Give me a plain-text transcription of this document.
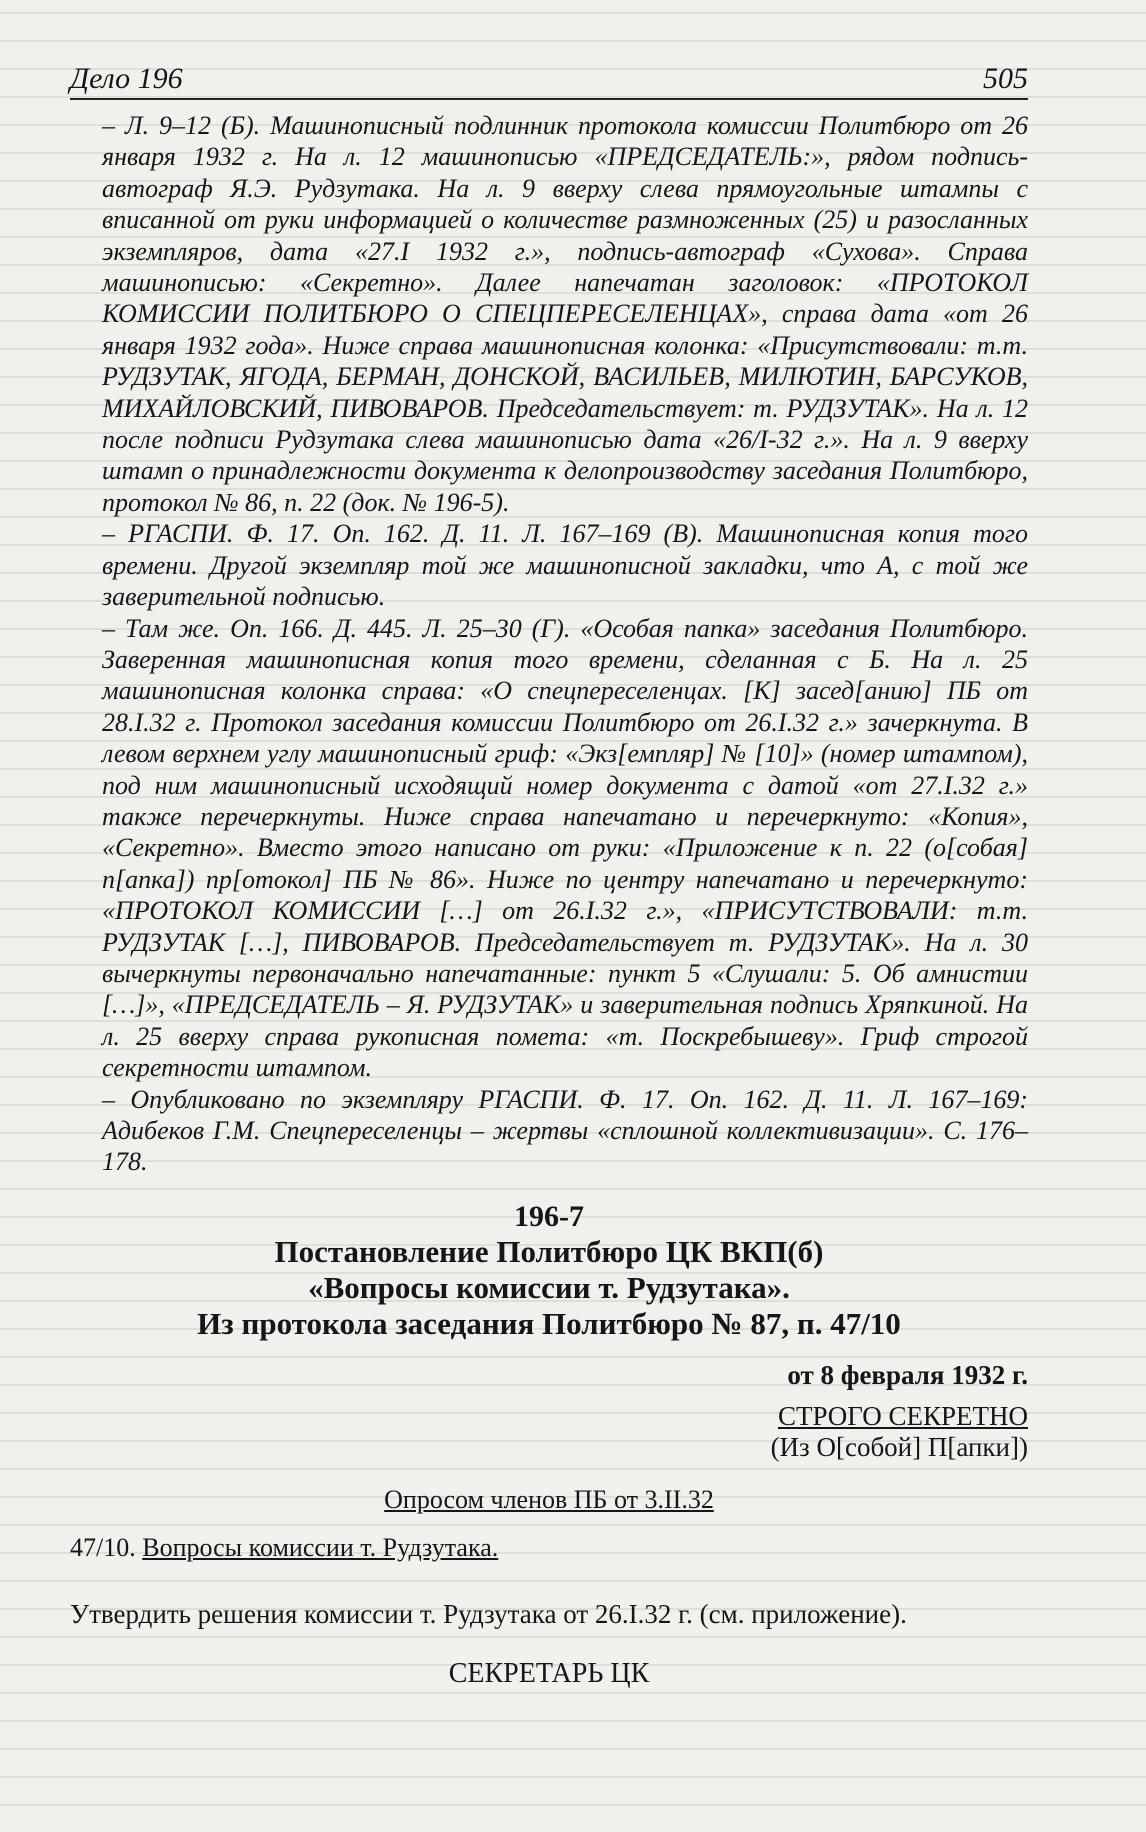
Дело 196	505

– Л. 9–12 (Б). Машинописный подлинник протокола комиссии Политбюро от 26 января 1932 г. На л. 12 машинописью «ПРЕДСЕДАТЕЛЬ:», рядом подпись-автограф Я.Э. Рудзутака. На л. 9 вверху слева прямоугольные штампы с вписанной от руки информацией о количестве размноженных (25) и разосланных экземпляров, дата «27.I 1932 г.», подпись-автограф «Сухова». Справа машинописью: «Секретно». Далее напечатан заголовок: «ПРОТОКОЛ КОМИССИИ ПОЛИТБЮРО О СПЕЦПЕРЕСЕЛЕНЦАХ», справа дата «от 26 января 1932 года». Ниже справа машинописная колонка: «Присутствовали: т.т. РУДЗУТАК, ЯГОДА, БЕРМАН, ДОНСКОЙ, ВАСИЛЬЕВ, МИЛЮТИН, БАРСУКОВ, МИХАЙЛОВСКИЙ, ПИВОВАРОВ. Председательствует: т. РУДЗУТАК». На л. 12 после подписи Рудзутака слева машинописью дата «26/I-32 г.». На л. 9 вверху штамп о принадлежности документа к делопроизводству заседания Политбюро, протокол № 86, п. 22 (док. № 196-5).

– РГАСПИ. Ф. 17. Оп. 162. Д. 11. Л. 167–169 (В). Машинописная копия того времени. Другой экземпляр той же машинописной закладки, что А, с той же заверительной подписью.

– Там же. Оп. 166. Д. 445. Л. 25–30 (Г). «Особая папка» заседания Политбюро. Заверенная машинописная копия того времени, сделанная с Б. На л. 25 машинописная колонка справа: «О спецпереселенцах. [К] засед[анию] ПБ от 28.I.32 г. Протокол заседания комиссии Политбюро от 26.I.32 г.» зачеркнута. В левом верхнем углу машинописный гриф: «Экз[емпляр] № [10]» (номер штампом), под ним машинописный исходящий номер документа с датой «от 27.I.32 г.» также перечеркнуты. Ниже справа напечатано и перечеркнуто: «Копия», «Секретно». Вместо этого написано от руки: «Приложение к п. 22 (о[собая] п[апка]) пр[отокол] ПБ № 86». Ниже по центру напечатано и перечеркнуто: «ПРОТОКОЛ КОМИССИИ […] от 26.I.32 г.», «ПРИСУТСТВОВАЛИ: т.т. РУДЗУТАК […], ПИВОВАРОВ. Председательствует т. РУДЗУТАК». На л. 30 вычеркнуты первоначально напечатанные: пункт 5 «Слушали: 5. Об амнистии […]», «ПРЕДСЕДАТЕЛЬ – Я. РУДЗУТАК» и заверительная подпись Хряпкиной. На л. 25 вверху справа рукописная помета: «т. Поскребышеву». Гриф строгой секретности штампом.

– Опубликовано по экземпляру РГАСПИ. Ф. 17. Оп. 162. Д. 11. Л. 167–169: Адибеков Г.М. Спецпереселенцы – жертвы «сплошной коллективизации». С. 176–178.

196-7
Постановление Политбюро ЦК ВКП(б)
«Вопросы комиссии т. Рудзутака».
Из протокола заседания Политбюро № 87, п. 47/10
от 8 февраля 1932 г.
СТРОГО СЕКРЕТНО
(Из О[собой] П[апки])
Опросом членов ПБ от 3.II.32
47/10. Вопросы комиссии т. Рудзутака.
Утвердить решения комиссии т. Рудзутака от 26.I.32 г. (см. приложение).
СЕКРЕТАРЬ ЦК
